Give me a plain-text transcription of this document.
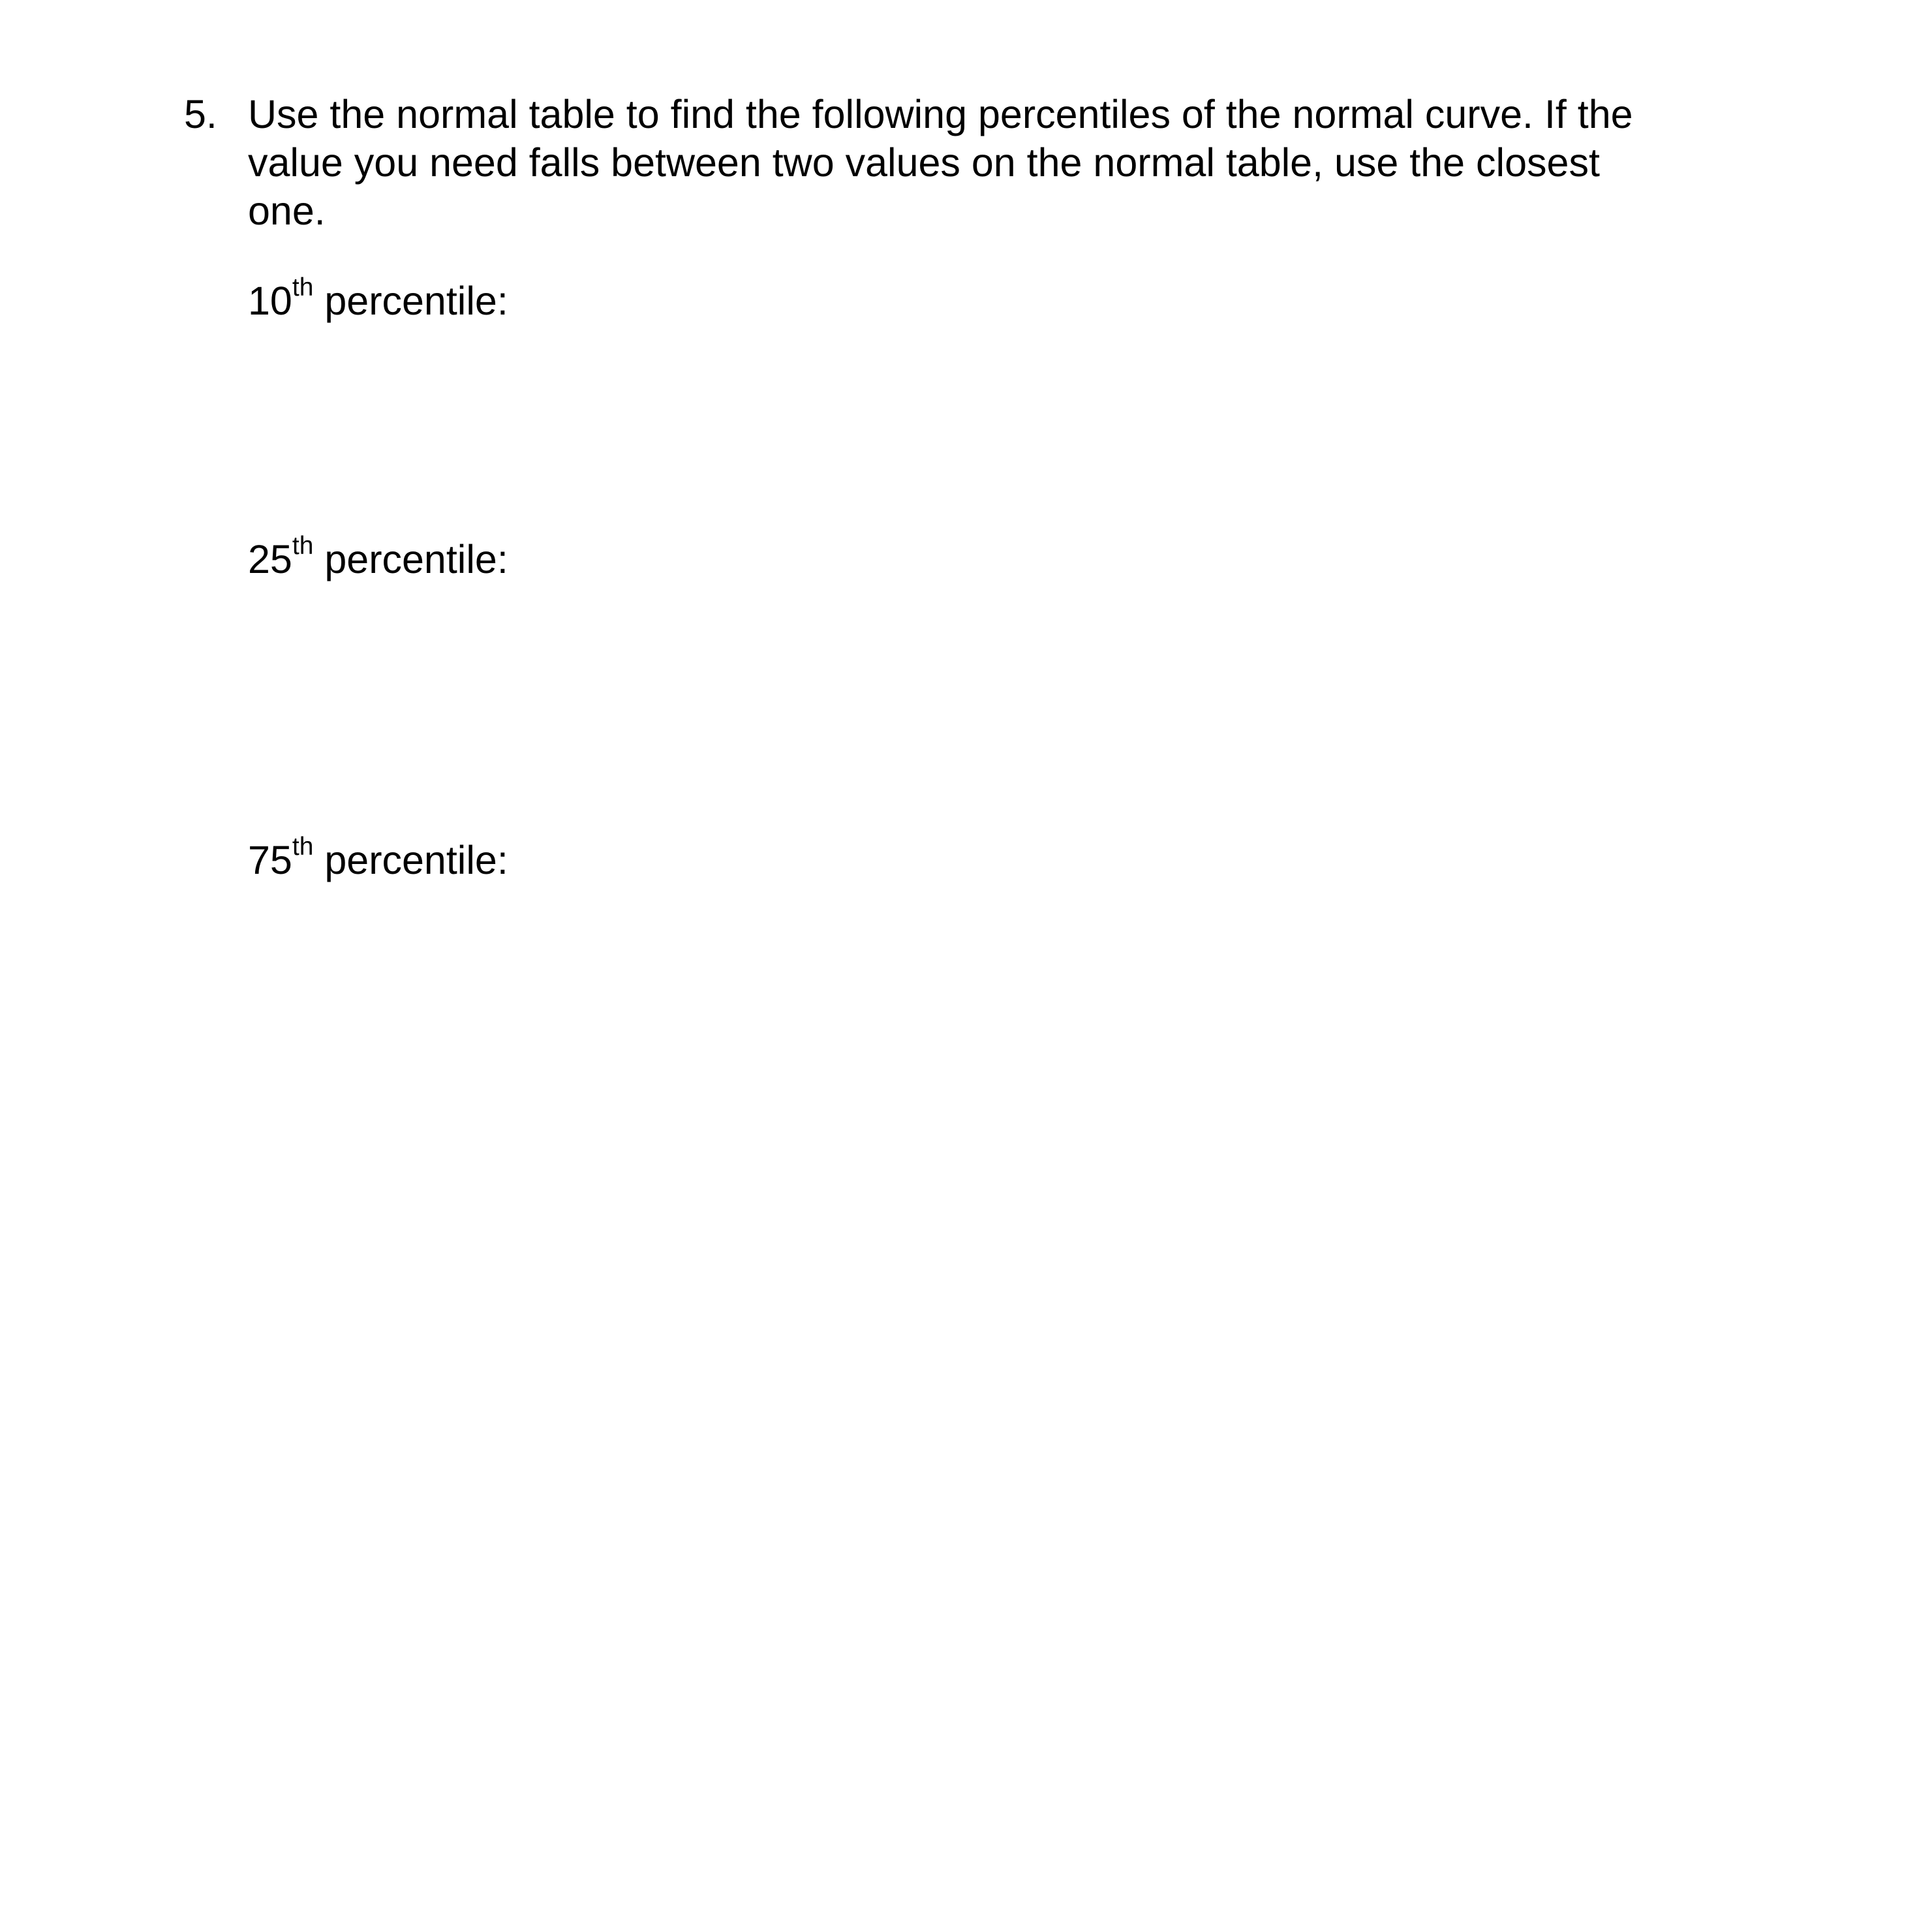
5. Use the normal table to find the following percentiles of the normal curve. If the
value you need falls between two values on the normal table, use the closest
one.
10th percentile:
25th percentile:
75th percentile:
